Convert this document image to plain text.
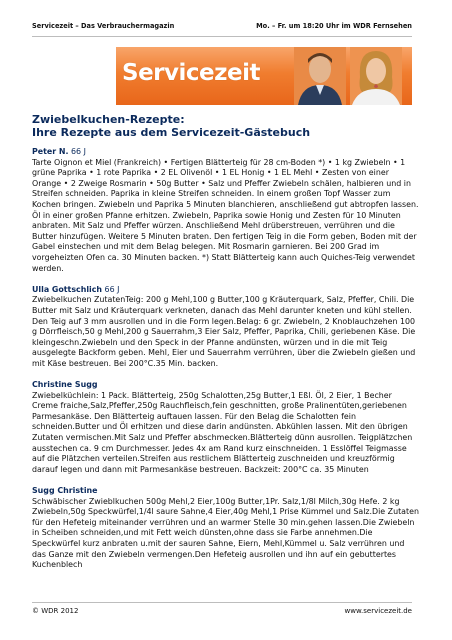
Servicezeit – Das Verbrauchermagazin	Mo. – Fr. um 18:20 Uhr im WDR Fernsehen
Servicezeit
Zwiebelkuchen-Rezepte:
Ihre Rezepte aus dem Servicezeit-Gästebuch
Peter N. 66 J
Tarte Oignon et Miel (Frankreich) • Fertigen Blätterteig für 28 cm-Boden *) • 1 kg Zwiebeln • 1 grüne Paprika • 1 rote Paprika • 2 EL Olivenöl • 1 EL Honig • 1 EL Mehl • Zesten von einer Orange • 2 Zweige Rosmarin • 50g Butter • Salz und Pfeffer Zwiebeln schälen, halbieren und in Streifen schneiden. Paprika in kleine Streifen schneiden. In einem großen Topf Wasser zum Kochen bringen. Zwiebeln und Paprika 5 Minuten blanchieren, anschließend gut abtropfen lassen. Öl in einer großen Pfanne erhitzen. Zwiebeln, Paprika sowie Honig und Zesten für 10 Minuten anbraten. Mit Salz und Pfeffer würzen. Anschließend Mehl drüberstreuen, verrühren und die Butter hinzufügen. Weitere 5 Minuten braten. Den fertigen Teig in die Form geben, Boden mit der Gabel einstechen und mit dem Belag belegen. Mit Rosmarin garnieren. Bei 200 Grad im vorgeheizten Ofen ca. 30 Minuten backen. *) Statt Blätterteig kann auch Quiches-Teig verwendet werden.
Ulla Gottschlich 66 J
Zwiebelkuchen ZutatenTeig: 200 g Mehl,100 g Butter,100 g Kräuterquark, Salz, Pfeffer, Chili. Die Butter mit Salz und Kräuterquark verkneten, danach das Mehl darunter kneten und kühl stellen. Den Teig auf 3 mm ausrollen und in die Form legen.Belag: 6 gr. Zwiebeln, 2 Knoblauchzehen 100 g Dörrfleisch,50 g Mehl,200 g Sauerrahm,3 Eier Salz, Pfeffer, Paprika, Chili, geriebenen Käse. Die kleingeschn.Zwiebeln und den Speck in der Pfanne andünsten, würzen und in die mit Teig ausgelegte Backform geben. Mehl, Eier und Sauerrahm verrühren, über die Zwiebeln gießen und mit Käse bestreuen. Bei 200°C.35 Min. backen.
Christine Sugg
Zwiebelküchlein: 1 Pack. Blätterteig, 250g Schalotten,25g Butter,1 Eßl. Öl, 2 Eier, 1 Becher Creme fraiche,Salz,Pfeffer,250g Rauchfleisch,fein geschnitten, große Pralinentüten,geriebenen Parmesankäse. Den Blätterteig auftauen lassen. Für den Belag die Schalotten fein schneiden.Butter und Öl erhitzen und diese darin andünsten. Abkühlen lassen. Mit den übrigen Zutaten vermischen.Mit Salz und Pfeffer abschmecken.Blätterteig dünn ausrollen. Teigplätzchen ausstechen ca. 9 cm Durchmesser. Jedes 4x am Rand kurz einschneiden. 1 Esslöffel Teigmasse auf die Plätzchen verteilen.Streifen aus restlichem Blätterteig zuschneiden und kreuzförmig darauf legen und dann mit Parmesankäse bestreuen. Backzeit: 200°C ca. 35 Minuten
Sugg Christine
Schwäbischer Zwieblkuchen 500g Mehl,2 Eier,100g Butter,1Pr. Salz,1/8l Milch,30g Hefe. 2 kg Zwiebeln,50g Speckwürfel,1/4l saure Sahne,4 Eier,40g Mehl,1 Prise Kümmel und Salz.Die Zutaten für den Hefeteig miteinander verrühren und an warmer Stelle 30 min.gehen lassen.Die Zwiebeln in Scheiben schneiden,und mit Fett weich dünsten,ohne dass sie Farbe annehmen.Die Speckwürfel kurz anbraten u.mit der sauren Sahne, Eiern, Mehl,Kümmel u. Salz verrühren und das Ganze mit den Zwiebeln vermengen.Den Hefeteig ausrollen und ihn auf ein gebuttertes Kuchenblech
© WDR 2012	www.servicezeit.de
